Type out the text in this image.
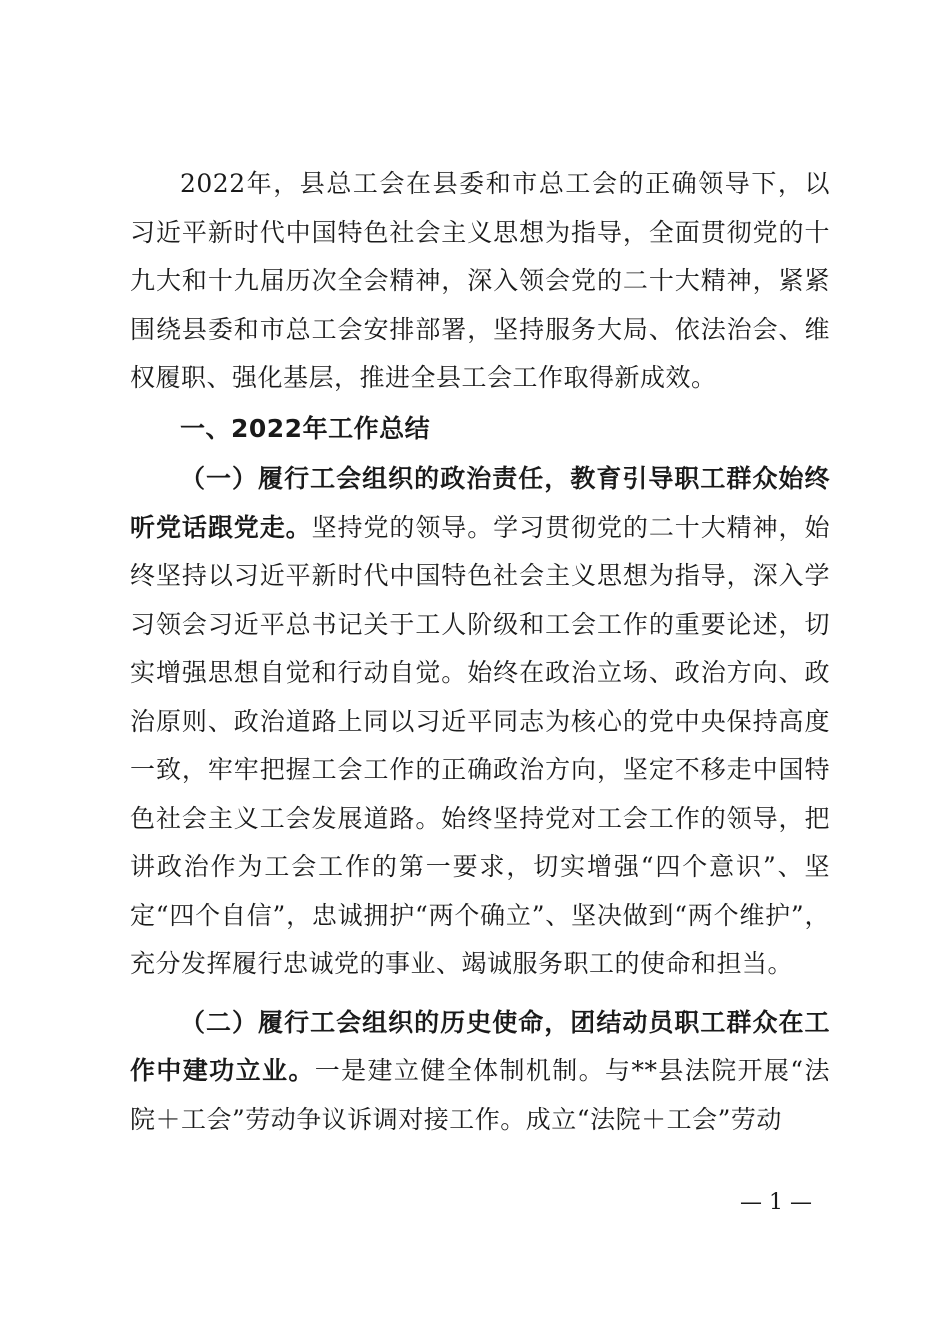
2022年，县总工会在县委和市总工会的正确领导下，以习近平新时代中国特色社会主义思想为指导，全面贯彻党的十九大和十九届历次全会精神，深入领会党的二十大精神，紧紧围绕县委和市总工会安排部署，坚持服务大局、依法治会、维权履职、强化基层，推进全县工会工作取得新成效。

一、2022年工作总结

（一）履行工会组织的政治责任，教育引导职工群众始终听党话跟党走。坚持党的领导。学习贯彻党的二十大精神，始终坚持以习近平新时代中国特色社会主义思想为指导，深入学习领会习近平总书记关于工人阶级和工会工作的重要论述，切实增强思想自觉和行动自觉。始终在政治立场、政治方向、政治原则、政治道路上同以习近平同志为核心的党中央保持高度一致，牢牢把握工会工作的正确政治方向，坚定不移走中国特色社会主义工会发展道路。始终坚持党对工会工作的领导，把讲政治作为工会工作的第一要求，切实增强“四个意识”、坚定“四个自信”，忠诚拥护“两个确立”、坚决做到“两个维护”，充分发挥履行忠诚党的事业、竭诚服务职工的使命和担当。

（二）履行工会组织的历史使命，团结动员职工群众在工作中建功立业。一是建立健全体制机制。与**县法院开展“法院＋工会”劳动争议诉调对接工作。成立“法院＋工会”劳动

— 1 —
